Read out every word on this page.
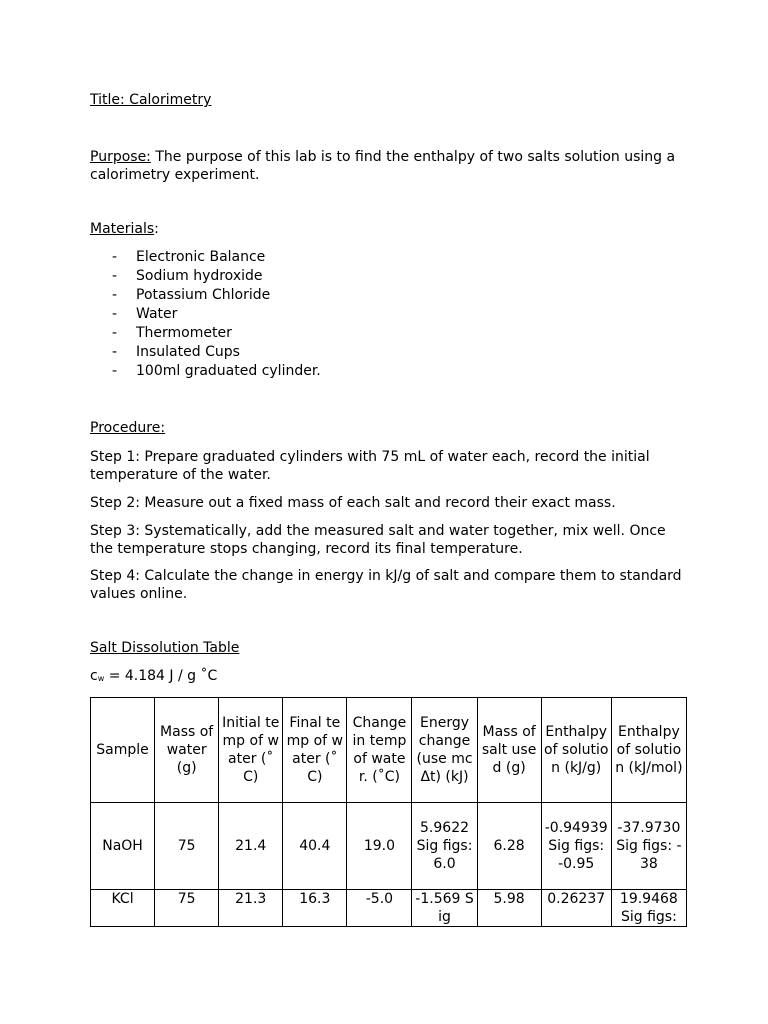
Title: Calorimetry

Purpose: The purpose of this lab is to find the enthalpy of two salts solution using a calorimetry experiment.

Materials:
- Electronic Balance
- Sodium hydroxide
- Potassium Chloride
- Water
- Thermometer
- Insulated Cups
- 100ml graduated cylinder.
Procedure:

Step 1: Prepare graduated cylinders with 75 mL of water each, record the initial temperature of the water.

Step 2: Measure out a fixed mass of each salt and record their exact mass.

Step 3: Systematically, add the measured salt and water together, mix well. Once the temperature stops changing, record its final temperature.

Step 4: Calculate the change in energy in kJ/g of salt and compare them to standard values online.

Salt Dissolution Table
cw = 4.184 J / g ˚C
Sample	Mass of water (g)	Initial temp of water (˚C)	Final temp of water (˚C)	Change in temp of water. (˚C)	Energy change (use mcΔt) (kJ)	Mass of salt used (g)	Enthalpy of solution (kJ/g)	Enthalpy of solution (kJ/mol)
NaOH	75	21.4	40.4	19.0	5.9622 Sig figs: 6.0	6.28	-0.94939 Sig figs: -0.95	-37.9730 Sig figs: -38
KCl	75	21.3	16.3	-5.0	-1.569 Sig	5.98	0.26237	19.9468 Sig figs:
